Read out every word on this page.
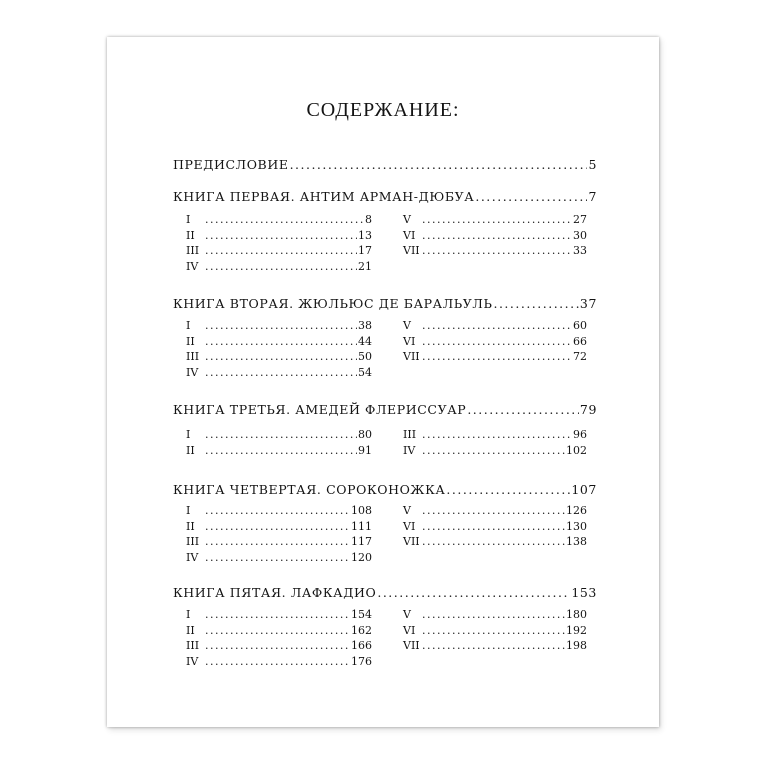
СОДЕРЖАНИЕ:
ПРЕДИСЛОВИЕ .....	5
КНИГА ПЕРВАЯ. АНТИМ АРМАН-ДЮБУА .....	7
I .....	8
II .....	13
III .....	17
IV .....	21
V .....	27
VI .....	30
VII .....	33
КНИГА ВТОРАЯ. ЖЮЛЬЮС ДЕ БАРАЛЬУЛЬ .....	37
I .....	38
II .....	44
III .....	50
IV .....	54
V .....	60
VI .....	66
VII .....	72
КНИГА ТРЕТЬЯ. АМЕДЕЙ ФЛЕРИССУАР .....	79
I .....	80
II .....	91
III .....	96
IV .....	102
КНИГА ЧЕТВЕРТАЯ. СОРОКОНОЖКА .....	107
I .....	108
II .....	111
III .....	117
IV .....	120
V .....	126
VI .....	130
VII .....	138
КНИГА ПЯТАЯ. ЛАФКАДИО .....	153
I .....	154
II .....	162
III .....	166
IV .....	176
V .....	180
VI .....	192
VII .....	198
